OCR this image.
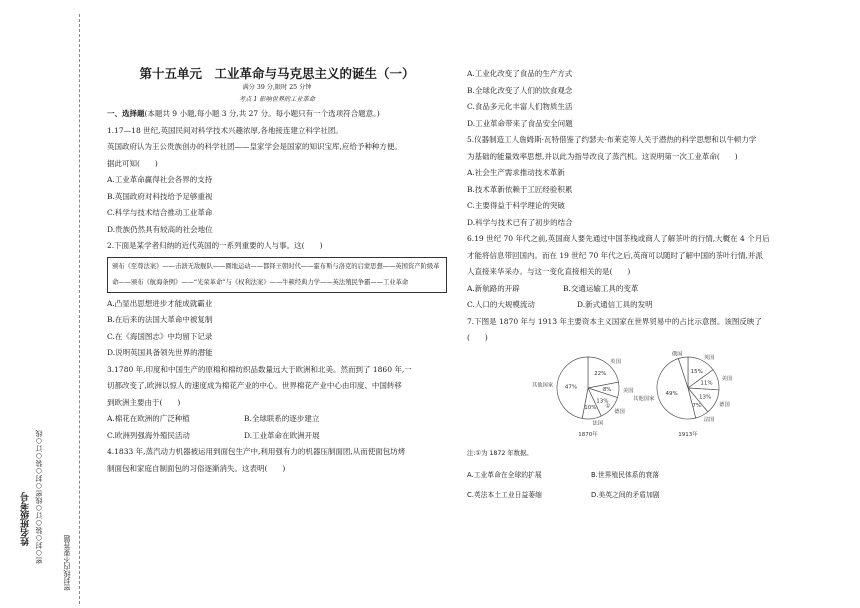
姓名班级考号 密○封○装○订○线密○封○装○订○线	密封线内不要答题
第十五单元　工业革命与马克思主义的诞生（一）
满分 39 分,限时 25 分钟
考点 1 影响世界的工业革命

一、选择题(本题共 9 小题,每小题 3 分,共 27 分。每小题只有一个选项符合题意。)

1.17—18 世纪,英国民间对科学技术兴趣浓厚,各地接连建立科学社团。

英国政府认为王公贵族创办的科学社团——皇家学会是国家的知识宝库,应给予种种方便。

据此可知(　　)

A.工业革命赢得社会各界的支持

B.英国政府对科技给予足够重视

C.科学与技术结合推动工业革命

D.贵族仍然具有较高的社会地位

2.下面是某学者归纳的近代英国的一系列重要的人与事。这(　　)

颁布《至尊法案》——击溃无敌舰队——圈地运动——都铎王朝时代——霍布斯与洛克的启蒙思想——英国资产阶级革命——颁布《航海条例》——“光荣革命”与《权利法案》——牛顿经典力学——英法殖民争霸——工业革命

A.凸显出思想进步才能成就霸业

B.在后来的法国大革命中被复制

C.在《海国图志》中均留下记录

D.说明英国具备领先世界的潜能

3.1780 年,印度和中国生产的原棉和棉纺织品数量远大于欧洲和北美。然而到了 1860 年,一

切都改变了,欧洲以惊人的速度成为棉花产业的中心。世界棉花产业中心由印度、中国转移

到欧洲主要由于(　　)

A.棉花在欧洲的广泛种植	B.全球联系的逐步建立

C.欧洲列强海外殖民活动	D.工业革命在欧洲开展

4.1833 年,蒸汽动力机器被运用到面包生产中,利用强有力的机器压制面团,从而使面包坊烤

制面包和家庭自制面包的习俗逐渐消失。这表明(　　)

A.工业化改变了食品的生产方式

B.全球化改变了人们的饮食观念

C.食品多元化丰富人们物质生活

D.工业革命带来了食品安全问题

5.仪器制造工人詹姆斯·瓦特借鉴了约瑟夫·布莱克等人关于潜热的科学思想和以牛顿力学

为基础的能量效率思想,并以此为指导改良了蒸汽机。这说明第一次工业革命(　　)

A.社会生产需求推动技术革新

B.技术革新依赖于工匠经验积累

C.主要得益于科学理论的突破

D.科学与技术已有了初步的结合

6.19 世纪 70 年代之前,英国商人要先通过中国茶栈或商人了解茶叶的行情,大概在 4 个月后

才能将信息带回国内。而在 19 世纪 70 年代之后,英商可以随时了解中国的茶叶行情,并派

人直接来华采办。与这一变化直接相关的是(　　)

A.新航路的开辟	B.交通运输工具的变革

C.人口的大规模流动	D.新式通信工具的发明

7.下图是 1870 年与 1913 年主要资本主义国家在世界贸易中的占比示意图。该图反映了

(　　)

22%
英国
8% 美国
13%
德国
①
10%
法国
47%
其他国家
1870年
15%
英国
11%
美国
13%
德国
7%
法国
49%
其他国家
俄国
1913年

注:①为 1872 年数据。

A.工业革命在全球的扩展	B.世界殖民体系的衰落

C.英法本土工业日益萎缩	D.美英之间的矛盾加剧
